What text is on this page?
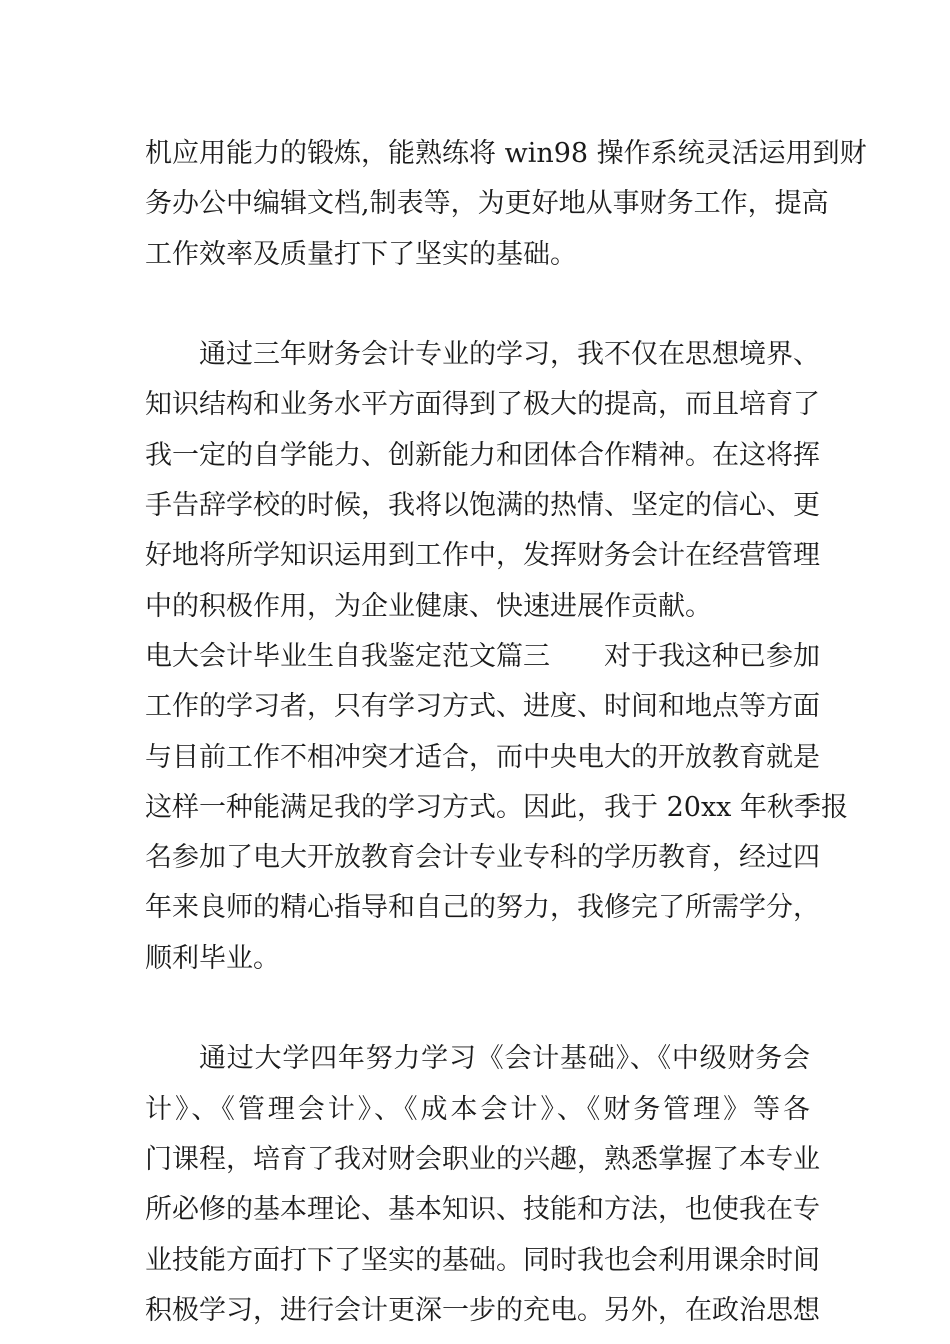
机应用能力的锻炼，能熟练将 win98 操作系统灵活运用到财
务办公中编辑文档,制表等，为更好地从事财务工作，提高
工作效率及质量打下了坚实的基础。
通过三年财务会计专业的学习，我不仅在思想境界、
知识结构和业务水平方面得到了极大的提高，而且培育了
我一定的自学能力、创新能力和团体合作精神。在这将挥
手告辞学校的时候，我将以饱满的热情、坚定的信心、更
好地将所学知识运用到工作中，发挥财务会计在经营管理
中的积极作用，为企业健康、快速进展作贡献。
电大会计毕业生自我鉴定范文篇三　　对于我这种已参加
工作的学习者，只有学习方式、进度、时间和地点等方面
与目前工作不相冲突才适合，而中央电大的开放教育就是
这样一种能满足我的学习方式。因此，我于 20xx 年秋季报
名参加了电大开放教育会计专业专科的学历教育，经过四
年来良师的精心指导和自己的努力，我修完了所需学分，
顺利毕业。
通过大学四年努力学习《会计基础》、《中级财务会
计》、《管理会计》、《成本会计》、《财务管理》等各
门课程，培育了我对财会职业的兴趣，熟悉掌握了本专业
所必修的基本理论、基本知识、技能和方法，也使我在专
业技能方面打下了坚实的基础。同时我也会利用课余时间
积极学习，进行会计更深一步的充电。另外，在政治思想
